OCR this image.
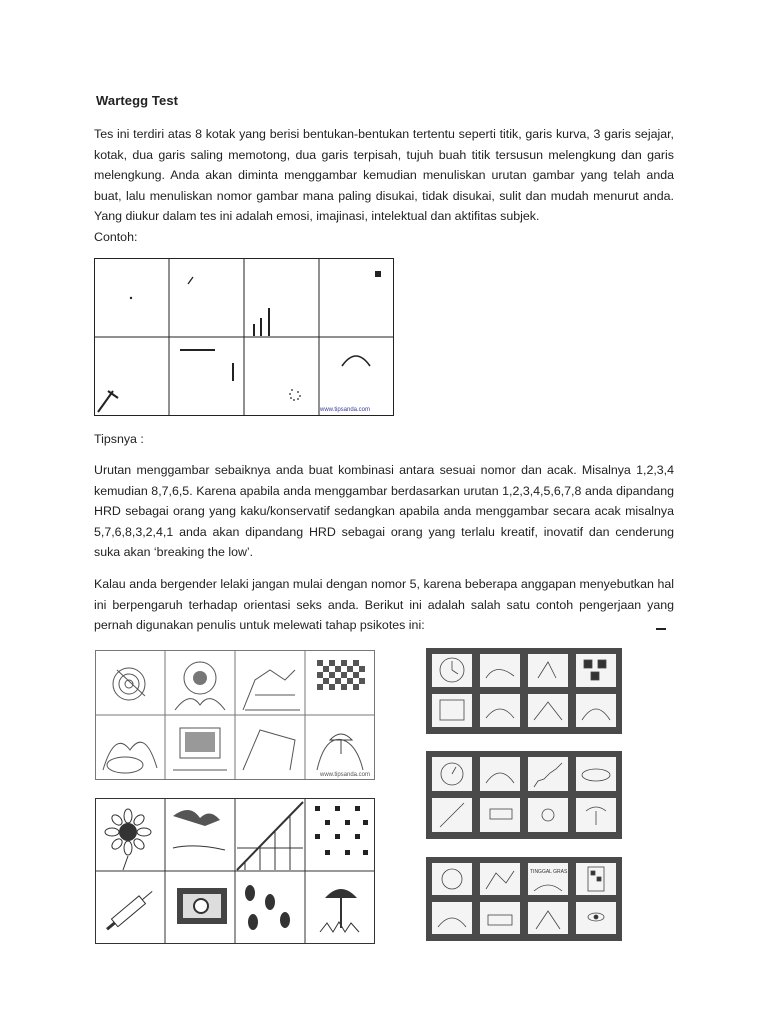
Wartegg Test
Tes ini terdiri atas 8 kotak yang berisi bentukan-bentukan tertentu seperti titik, garis kurva, 3 garis sejajar, kotak, dua garis saling memotong, dua garis terpisah, tujuh buah titik tersusun melengkung dan garis melengkung. Anda akan diminta menggambar kemudian menuliskan urutan gambar yang telah anda buat, lalu menuliskan nomor gambar mana paling disukai, tidak disukai, sulit dan mudah menurut anda. Yang diukur dalam tes ini adalah emosi, imajinasi, intelektual dan aktifitas subjek.
Contoh:
www.tipsanda.com
Tipsnya :
Urutan menggambar sebaiknya anda buat kombinasi antara sesuai nomor dan acak. Misalnya 1,2,3,4 kemudian 8,7,6,5. Karena apabila anda menggambar berdasarkan urutan 1,2,3,4,5,6,7,8 anda dipandang HRD sebagai orang yang kaku/konservatif sedangkan apabila anda menggambar secara acak misalnya 5,7,6,8,3,2,4,1 anda akan dipandang HRD sebagai orang yang terlalu kreatif, inovatif dan cenderung suka akan ‘breaking the low’.
Kalau anda bergender lelaki jangan mulai dengan nomor 5, karena beberapa anggapan menyebutkan hal ini berpengaruh terhadap orientasi seks anda. Berikut ini adalah salah satu contoh pengerjaan yang pernah digunakan penulis untuk melewati tahap psikotes ini:
www.tipsanda.com
TINGGAL GRAS
